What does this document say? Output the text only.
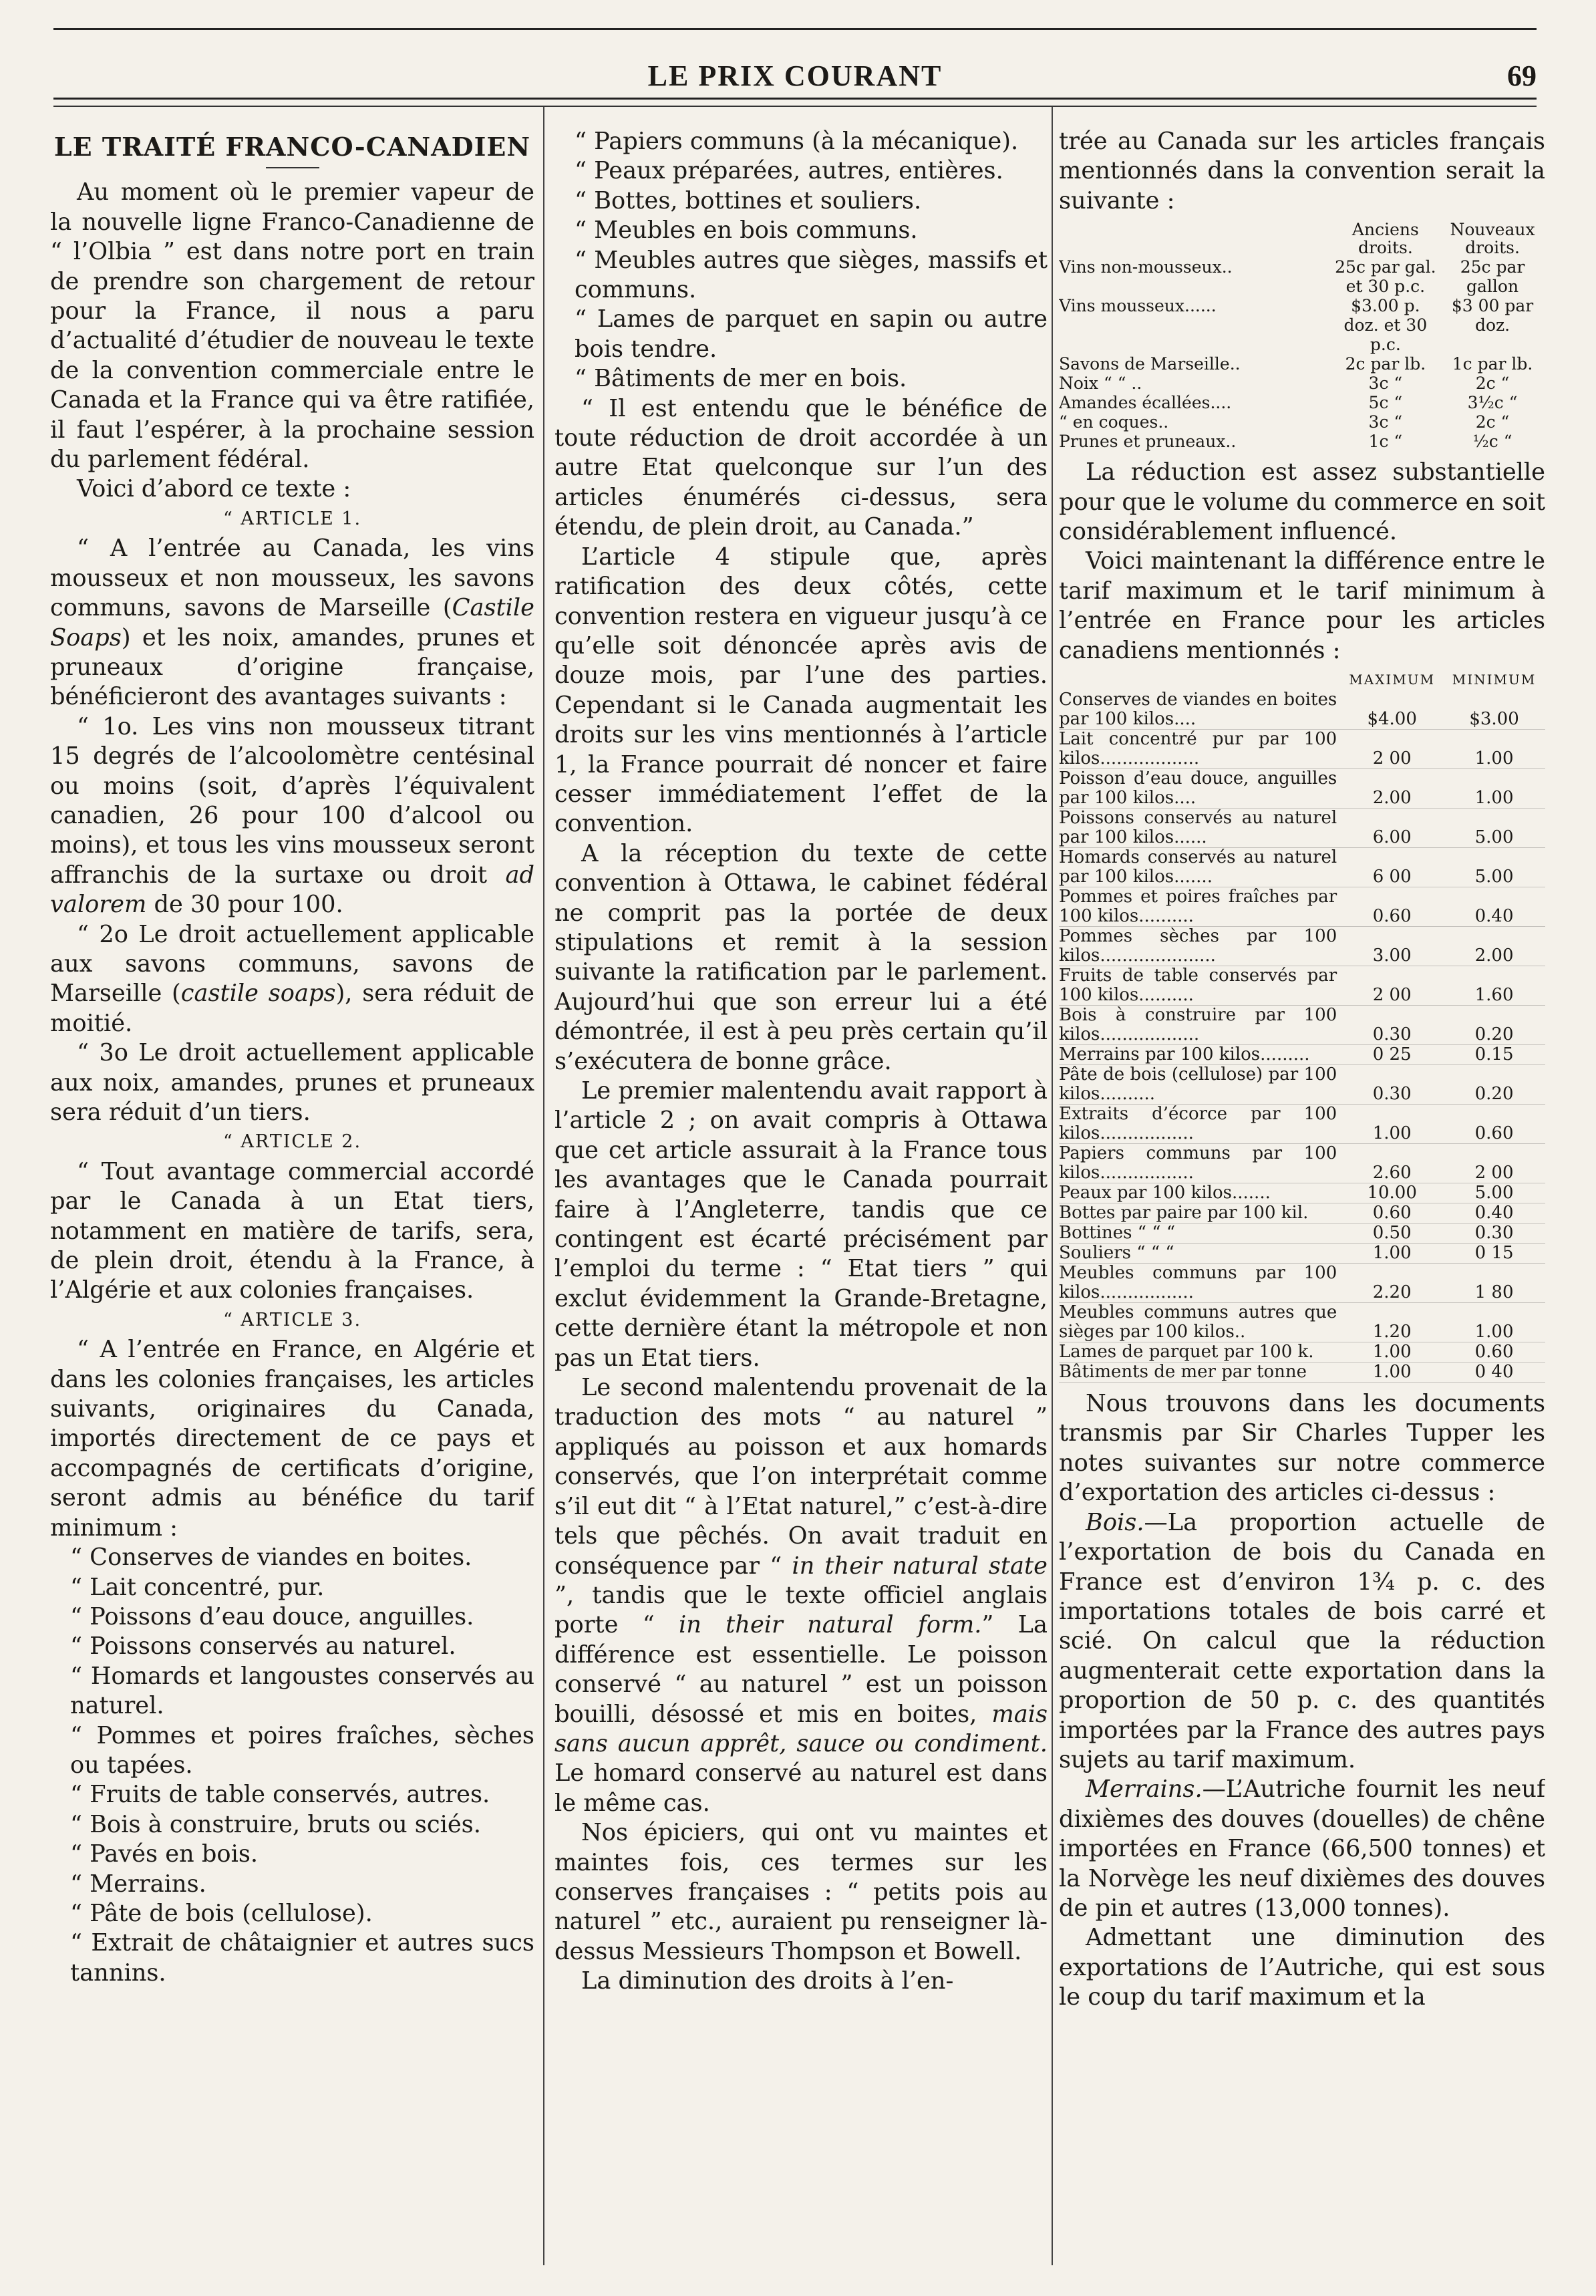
LE PRIX COURANT	69
LE TRAITÉ FRANCO-CANADIEN

Au moment où le premier vapeur de la nouvelle ligne Franco-Canadienne de “ l’Olbia ” est dans notre port en train de prendre son chargement de retour pour la France, il nous a paru d’actualité d’étudier de nouveau le texte de la convention commerciale entre le Canada et la France qui va être ratifiée, il faut l’espérer, à la prochaine session du parlement fédéral.

Voici d’abord ce texte :

“ ARTICLE 1.

“ A l’entrée au Canada, les vins mousseux et non mousseux, les savons communs, savons de Marseille (Castile Soaps) et les noix, amandes, prunes et pruneaux d’origine française, bénéficieront des avantages suivants :

“ 1o. Les vins non mousseux titrant 15 degrés de l’alcoolomètre centésinal ou moins (soit, d’après l’équivalent canadien, 26 pour 100 d’alcool ou moins), et tous les vins mousseux seront affranchis de la surtaxe ou droit ad valorem de 30 pour 100.

“ 2o Le droit actuellement applicable aux savons communs, savons de Marseille (castile soaps), sera réduit de moitié.

“ 3o Le droit actuellement applicable aux noix, amandes, prunes et pruneaux sera réduit d’un tiers.

“ ARTICLE 2.

“ Tout avantage commercial accordé par le Canada à un Etat tiers, notamment en matière de tarifs, sera, de plein droit, étendu à la France, à l’Algérie et aux colonies françaises.

“ ARTICLE 3.

“ A l’entrée en France, en Algérie et dans les colonies françaises, les articles suivants, originaires du Canada, importés directement de ce pays et accompagnés de certificats d’origine, seront admis au bénéfice du tarif minimum :

“ Conserves de viandes en boites.

“ Lait concentré, pur.

“ Poissons d’eau douce, anguilles.

“ Poissons conservés au naturel.

“ Homards et langoustes conservés au naturel.

“ Pommes et poires fraîches, sèches ou tapées.

“ Fruits de table conservés, autres.

“ Bois à construire, bruts ou sciés.

“ Pavés en bois.

“ Merrains.

“ Pâte de bois (cellulose).

“ Extrait de châtaignier et autres sucs tannins.

“ Papiers communs (à la mécanique).

“ Peaux préparées, autres, entières.

“ Bottes, bottines et souliers.

“ Meubles en bois communs.

“ Meubles autres que sièges, massifs et communs.

“ Lames de parquet en sapin ou autre bois tendre.

“ Bâtiments de mer en bois.

“ Il est entendu que le bénéfice de toute réduction de droit accordée à un autre Etat quelconque sur l’un des articles énumérés ci-dessus, sera étendu, de plein droit, au Canada.”

L’article 4 stipule que, après ratification des deux côtés, cette convention restera en vigueur jusqu’à ce qu’elle soit dénoncée après avis de douze mois, par l’une des parties. Cependant si le Canada augmentait les droits sur les vins mentionnés à l’article 1, la France pourrait dé noncer et faire cesser immédiatement l’effet de la convention.

A la réception du texte de cette convention à Ottawa, le cabinet fédéral ne comprit pas la portée de deux stipulations et remit à la session suivante la ratification par le parlement. Aujourd’hui que son erreur lui a été démontrée, il est à peu près certain qu’il s’exécutera de bonne grâce.

Le premier malentendu avait rapport à l’article 2 ; on avait compris à Ottawa que cet article assurait à la France tous les avantages que le Canada pourrait faire à l’Angleterre, tandis que ce contingent est écarté précisément par l’emploi du terme : “ Etat tiers ” qui exclut évidemment la Grande-Bretagne, cette dernière étant la métropole et non pas un Etat tiers.

Le second malentendu provenait de la traduction des mots “ au naturel ” appliqués au poisson et aux homards conservés, que l’on interprétait comme s’il eut dit “ à l’Etat naturel,” c’est-à-dire tels que pêchés. On avait traduit en conséquence par “ in their natural state ”, tandis que le texte officiel anglais porte “ in their natural form.” La différence est essentielle. Le poisson conservé “ au naturel ” est un poisson bouilli, désossé et mis en boites, mais sans aucun apprêt, sauce ou condiment. Le homard conservé au naturel est dans le même cas.

Nos épiciers, qui ont vu maintes et maintes fois, ces termes sur les conserves françaises : “ petits pois au naturel ” etc., auraient pu renseigner là-dessus Messieurs Thompson et Bowell.

La diminution des droits à l’en-

trée au Canada sur les articles français mentionnés dans la convention serait la suivante :

	Anciens droits.	Nouveaux droits.
Vins non-mousseux..	25c par gal. et 30 p.c.	25c par gallon
Vins mousseux......	$3.00 p. doz. et 30 p.c.	$3 00 par doz.
Savons de Marseille..	2c par lb.	1c par lb.
Noix “ “ ..	3c “	2c “
Amandes écallées....	5c “	3½c “
“ en coques..	3c “	2c “
Prunes et pruneaux..	1c “	½c “

La réduction est assez substantielle pour que le volume du commerce en soit considérablement influencé.

Voici maintenant la différence entre le tarif maximum et le tarif minimum à l’entrée en France pour les articles canadiens mentionnés :

	MAXIMUM	MINIMUM
Conserves de viandes en boites par 100 kilos....	$4.00	$3.00
Lait concentré pur par 100 kilos..................	2 00	1.00
Poisson d’eau douce, anguilles par 100 kilos....	2.00	1.00
Poissons conservés au naturel par 100 kilos......	6.00	5.00
Homards conservés au naturel par 100 kilos.......	6 00	5.00
Pommes et poires fraîches par 100 kilos..........	0.60	0.40
Pommes sèches par 100 kilos.....................	3.00	2.00
Fruits de table conservés par 100 kilos..........	2 00	1.60
Bois à construire par 100 kilos..................	0.30	0.20
Merrains par 100 kilos.........	0 25	0.15
Pâte de bois (cellulose) par 100 kilos..........	0.30	0.20
Extraits d’écorce par 100 kilos.................	1.00	0.60
Papiers communs par 100 kilos.................	2.60	2 00
Peaux par 100 kilos.......	10.00	5.00
Bottes par paire par 100 kil.	0.60	0.40
Bottines “ “ “	0.50	0.30
Souliers “ “ “	1.00	0 15
Meubles communs par 100 kilos.................	2.20	1 80
Meubles communs autres que sièges par 100 kilos..	1.20	1.00
Lames de parquet par 100 k.	1.00	0.60
Bâtiments de mer par tonne	1.00	0 40

Nous trouvons dans les documents transmis par Sir Charles Tupper les notes suivantes sur notre commerce d’exportation des articles ci-dessus :

Bois.—La proportion actuelle de l’exportation de bois du Canada en France est d’environ 1¾ p. c. des importations totales de bois carré et scié. On calcul que la réduction augmenterait cette exportation dans la proportion de 50 p. c. des quantités importées par la France des autres pays sujets au tarif maximum.

Merrains.—L’Autriche fournit les neuf dixièmes des douves (douelles) de chêne importées en France (66,500 tonnes) et la Norvège les neuf dixièmes des douves de pin et autres (13,000 tonnes).

Admettant une diminution des exportations de l’Autriche, qui est sous le coup du tarif maximum et la
